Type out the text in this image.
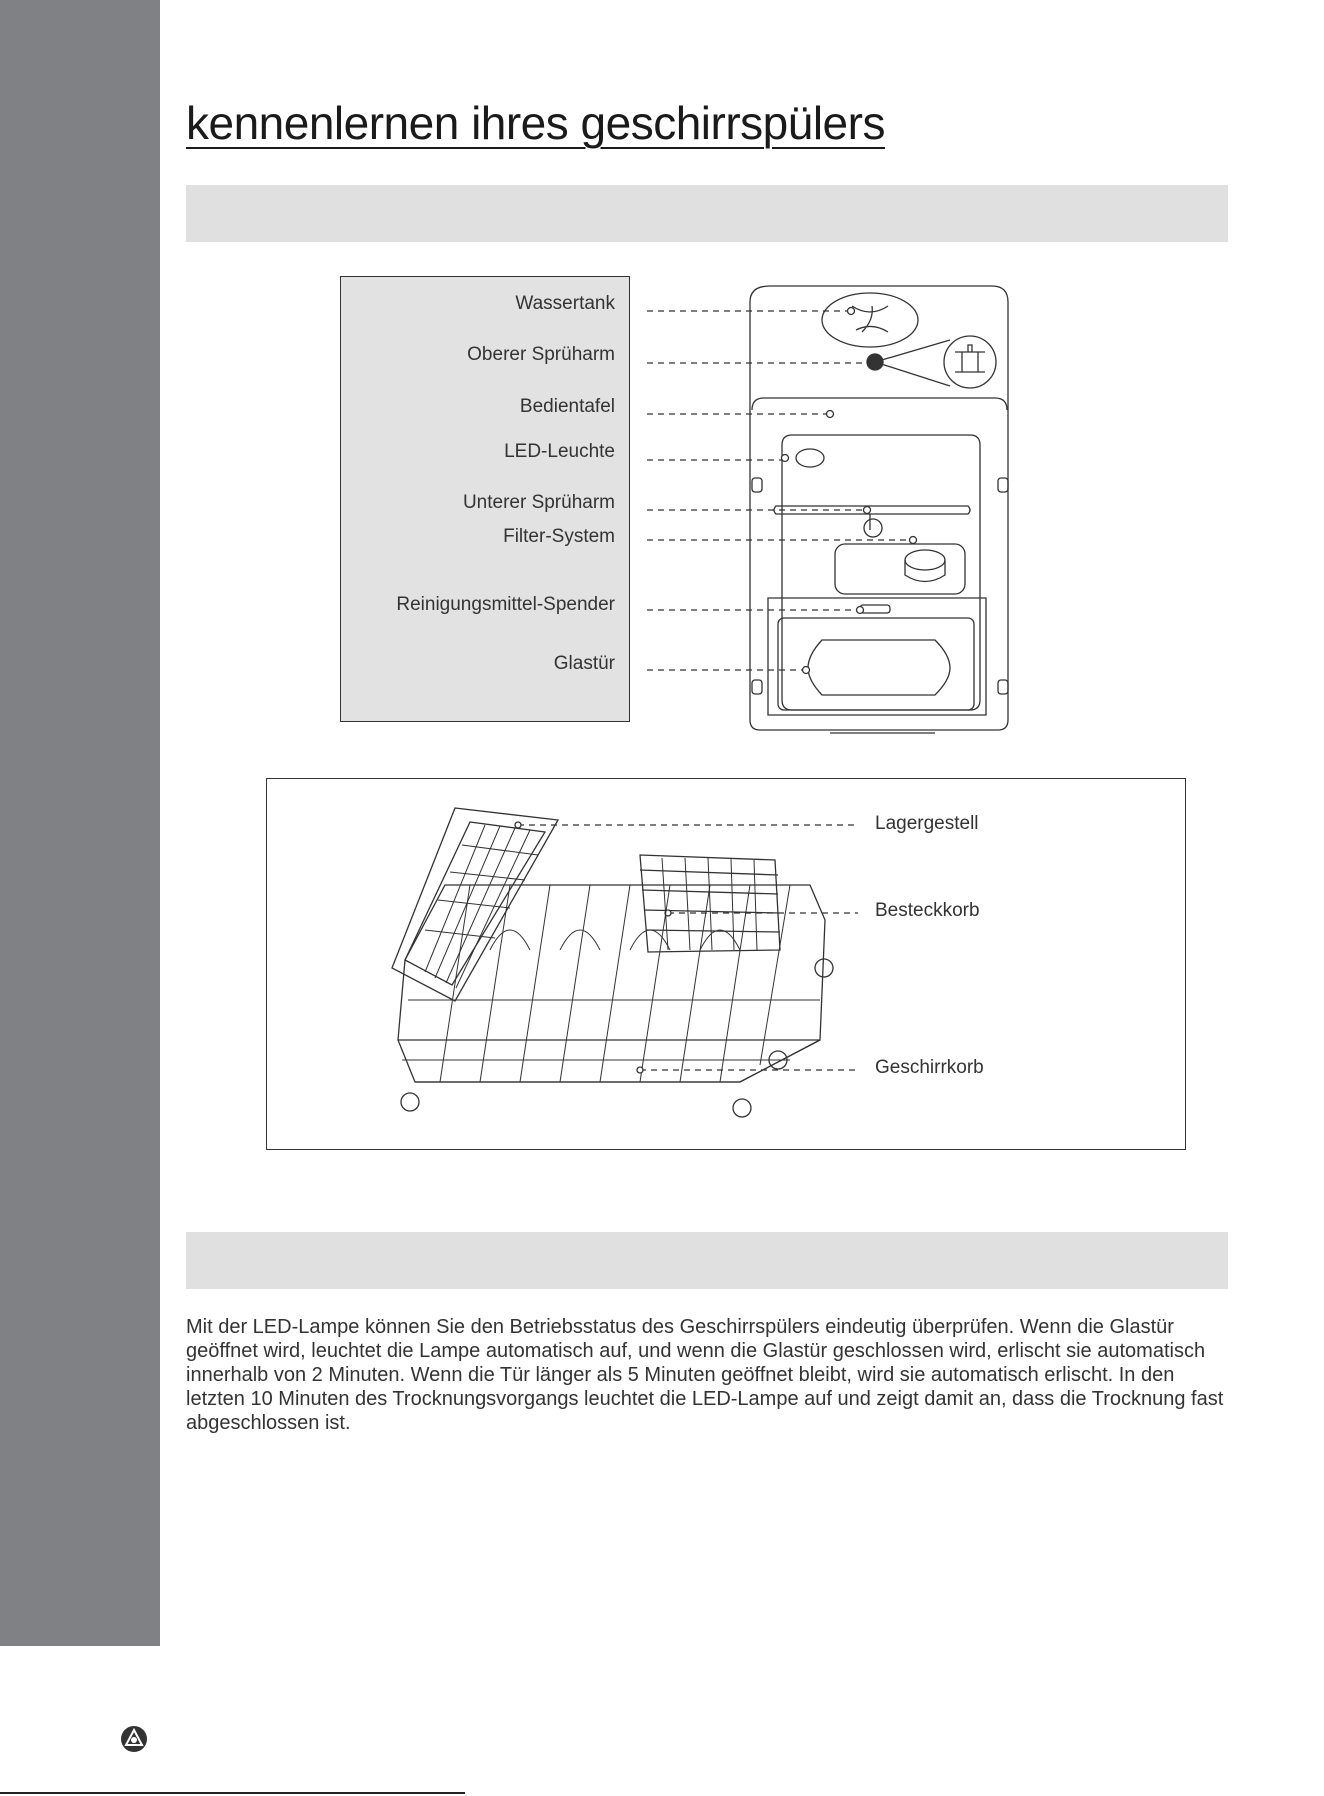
kennenlernen ihres geschirrspülers
Wassertank
Oberer Sprüharm
Bedientafel
LED-Leuchte
Unterer Sprüharm
Filter-System
Reinigungsmittel-Spender
Glastür
Lagergestell
Besteckkorb
Geschirrkorb

Mit der LED-Lampe können Sie den Betriebsstatus des Geschirrspülers eindeutig überprüfen. Wenn die Glastür geöffnet wird, leuchtet die Lampe automatisch auf, und wenn die Glastür geschlossen wird, erlischt sie automatisch innerhalb von 2 Minuten. Wenn die Tür länger als 5 Minuten geöffnet bleibt, wird sie automatisch erlischt. In den letzten 10 Minuten des Trocknungsvorgangs leuchtet die LED-Lampe auf und zeigt damit an, dass die Trocknung fast abgeschlossen ist.
